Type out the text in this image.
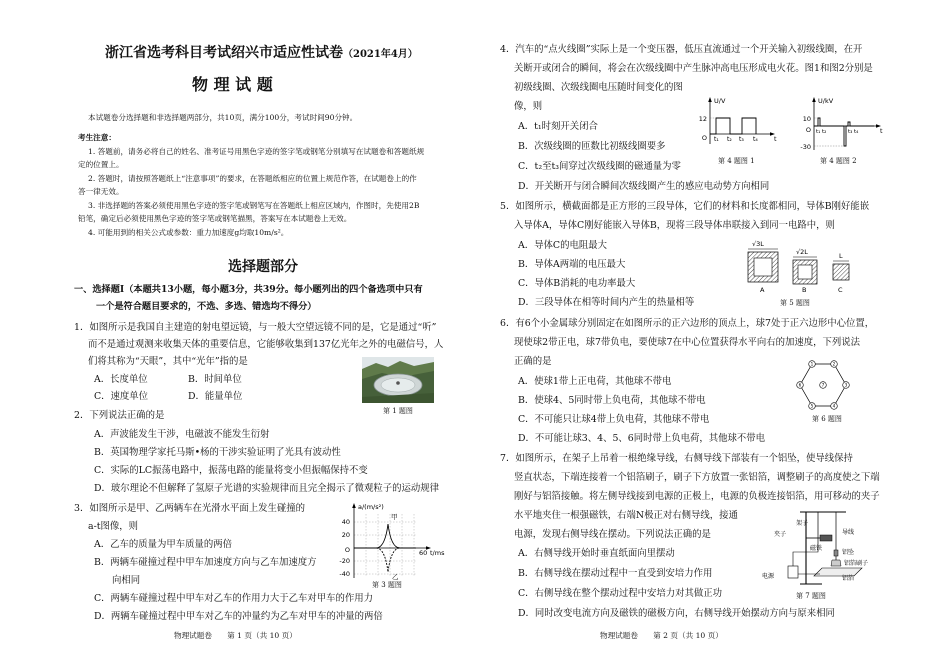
浙江省选考科目考试绍兴市适应性试卷（2021年4月）
物 理 试 题
本试题卷分选择题和非选择题两部分，共10页，满分100分，考试时间90分钟。
考生注意：
1. 答题前，请务必将自己的姓名、准考证号用黑色字迹的签字笔或钢笔分别填写在试题卷和答题纸规
定的位置上。
2. 答题时，请按照答题纸上“注意事项”的要求，在答题纸相应的位置上规范作答，在试题卷上的作
答一律无效。
3. 非选择题的答案必须使用黑色字迹的签字笔或钢笔写在答题纸上相应区域内，作图时，先使用2B
铅笔，确定后必须使用黑色字迹的签字笔或钢笔描黑，答案写在本试题卷上无效。
4. 可能用到的相关公式或参数：重力加速度g均取10m/s²。
选择题部分
一、选择题Ⅰ（本题共13小题，每小题3分，共39分。每小题列出的四个备选项中只有
一个是符合题目要求的，不选、多选、错选均不得分）
1．如图所示是我国自主建造的射电望远镜，与一般大空望远镜不同的是，它是通过“听”
而不是通过观测来收集天体的重要信息，它能够收集到137亿光年之外的电磁信号，人
们将其称为“天眼”，其中“光年”指的是
A．长度单位	B．时间单位
C．速度单位	D．能量单位
第 1 题图
2．下列说法正确的是
A．声波能发生干涉，电磁波不能发生衍射
B．英国物理学家托马斯•杨的干涉实验证明了光具有波动性
C．实际的LC振荡电路中，振荡电路的能量将变小但振幅保持不变
D．玻尔理论不但解释了氢原子光谱的实验规律而且完全揭示了微观粒子的运动规律
3．如图所示是甲、乙两辆车在光滑水平面上发生碰撞的
a-t图像，则
A．乙车的质量为甲车质量的两倍
B．两辆车碰撞过程中甲车加速度方向与乙车加速度方
向相同
C．两辆车碰撞过程中甲车对乙车的作用力大于乙车对甲车的作用力
D．两辆车碰撞过程中甲车对乙车的冲量约为乙车对甲车的冲量的两倍
a/(m/s²)
甲
乙
40
20
O
-20
-40
60 t/ms
第 3 题图
物理试题卷　　第 1 页（共 10 页）
4．汽车的“点火线圈”实际上是一个变压器，低压直流通过一个开关输入初级线圈，在开
关断开或闭合的瞬间，将会在次级线圈中产生脉冲高电压形成电火花。图1和图2分别是
初级线圈、次级线圈电压随时间变化的图
像，则
A．t₁时刻开关闭合
B．次级线圈的匝数比初级线圈要多
C．t₂至t₃间穿过次级线圈的磁通量为零
D．开关断开与闭合瞬间次级线圈产生的感应电动势方向相同
U/V
12
O t₁ t₂ t₃ t₄ t
第 4 题图 1
U/kV
10
O
-30
t₁ t₂	t₃ t₄	t
第 4 题图 2
5．如图所示，横截面都是正方形的三段导体，它们的材料和长度都相同，导体B刚好能嵌
入导体A，导体C刚好能嵌入导体B，现将三段导体串联接入到同一电路中，则
A．导体C的电阻最大
B．导体A两端的电压最大
C．导体B消耗的电功率最大
D．三段导体在相等时间内产生的热量相等
√3L
A
√2L
B
L
C
第 5 题图
6．有6个小金属球分别固定在如图所示的正六边形的顶点上，球7处于正六边形中心位置，
现使球2带正电，球7带负电，要使球7在中心位置获得水平向右的加速度，下列说法
正确的是
A．使球1带上正电荷，其他球不带电
B．使球4、5同时带上负电荷，其他球不带电
C．不可能只让球4带上负电荷，其他球不带电
D．不可能让球3、4、5、6同时带上负电荷，其他球不带电
1	2
3
4
5
6	7
第 6 题图
7．如图所示，在架子上吊着一根绝缘导线，右侧导线下部装有一个铝坠，使导线保持
竖直状态，下端连接着一个铝箔刷子，刷子下方放置一张铝箔，调整刷子的高度使之下端
刚好与铝箔接触。将左侧导线接到电源的正极上，电源的负极连接铝箔，用可移动的夹子
水平地夹住一根强磁铁，右端N极正对右侧导线，接通
电源，发现右侧导线在摆动。下列说法正确的是
A．右侧导线开始时垂直纸面向里摆动
B．右侧导线在摆动过程中一直受到安培力作用
C．右侧导线在整个摆动过程中安培力对其做正功
D．同时改变电流方向及磁铁的磁极方向，右侧导线开始摆动方向与原来相同
架子
夹子	导线
磁铁
铝坠
铝箔刷子
铝箔
电源
第 7 题图
物理试题卷　　第 2 页（共 10 页）
